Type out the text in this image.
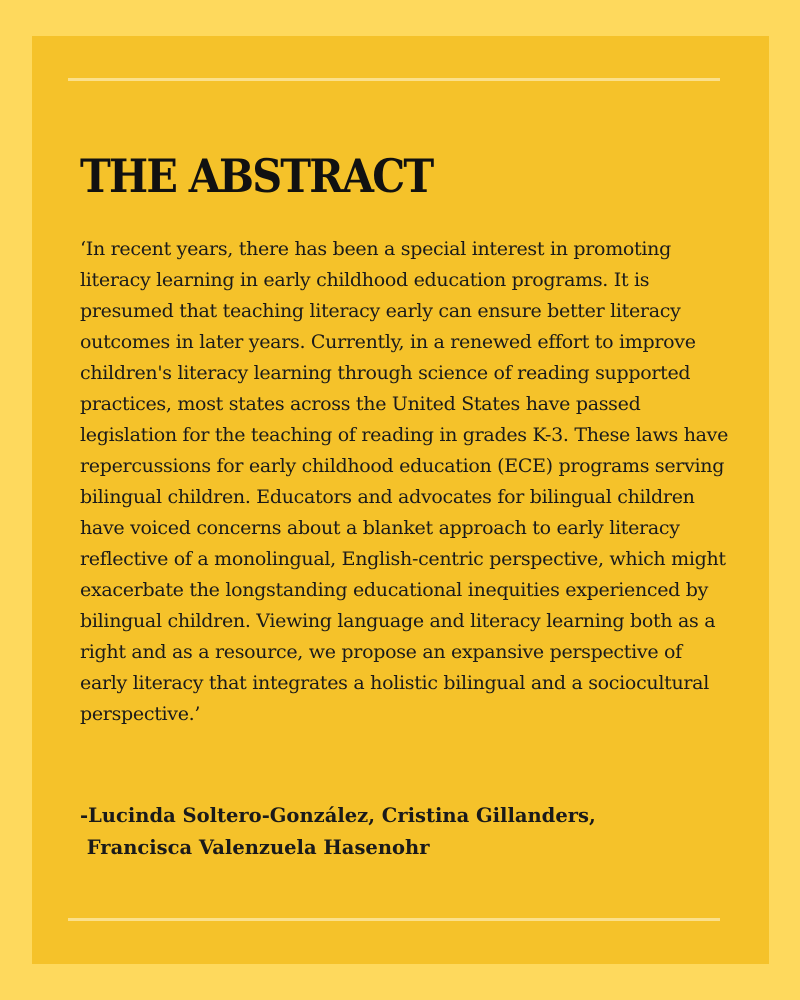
THE ABSTRACT

‘In recent years, there has been a special interest in promoting literacy learning in early childhood education programs. It is presumed that teaching literacy early can ensure better literacy outcomes in later years. Currently, in a renewed effort to improve children's literacy learning through science of reading supported practices, most states across the United States have passed legislation for the teaching of reading in grades K-3. These laws have repercussions for early childhood education (ECE) programs serving bilingual children. Educators and advocates for bilingual children have voiced concerns about a blanket approach to early literacy reflective of a monolingual, English-centric perspective, which might exacerbate the longstanding educational inequities experienced by bilingual children. Viewing language and literacy learning both as a right and as a resource, we propose an expansive perspective of early literacy that integrates a holistic bilingual and a sociocultural perspective.’

-Lucinda Soltero-González, Cristina Gillanders,
Francisca Valenzuela Hasenohr
